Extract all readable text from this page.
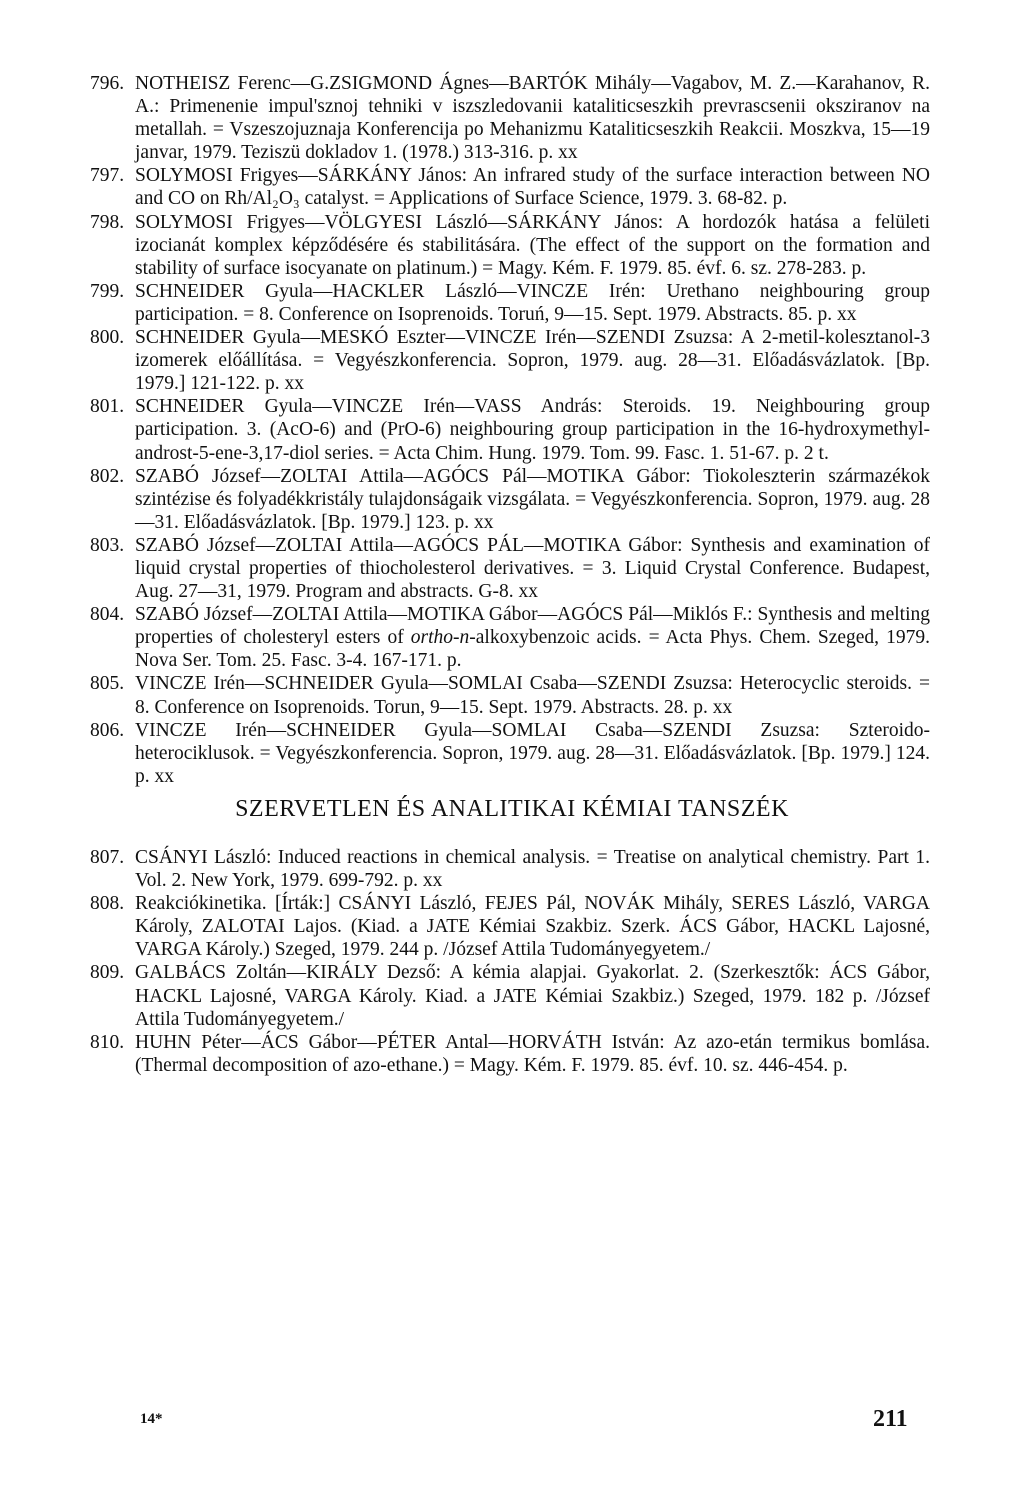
796. NOTHEISZ Ferenc—G.ZSIGMOND Ágnes—BARTÓK Mihály—Vagabov, M. Z.—Karahanov, R. A.: Primenenie impul'sznoj tehniki v iszszledovanii kataliticseszkih prevrascsenii oksziranov na metallah. = Vszeszojuznaja Konferencija po Mehanizmu Kataliticseszkih Reakcii. Moszkva, 15—19 janvar, 1979. Teziszü dokladov 1. (1978.) 313-316. p. xx
797. SOLYMOSI Frigyes—SÁRKÁNY János: An infrared study of the surface interaction between NO and CO on Rh/Al₂O₃ catalyst. = Applications of Surface Science, 1979. 3. 68-82. p.
798. SOLYMOSI Frigyes—VÖLGYESI László—SÁRKÁNY János: A hordozók hatása a felületi izocianát komplex képződésére és stabilitására. (The effect of the support on the formation and stability of surface isocyanate on platinum.) = Magy. Kém. F. 1979. 85. évf. 6. sz. 278-283. p.
799. SCHNEIDER Gyula—HACKLER László—VINCZE Irén: Urethano neighbouring group participation. = 8. Conference on Isoprenoids. Toruń, 9—15. Sept. 1979. Abstracts. 85. p. xx
800. SCHNEIDER Gyula—MESKÓ Eszter—VINCZE Irén—SZENDI Zsuzsa: A 2-metil-kolesztanol-3 izomerek előállítása. = Vegyészkonferencia. Sopron, 1979. aug. 28—31. Előadásvázlatok. [Bp. 1979.] 121-122. p. xx
801. SCHNEIDER Gyula—VINCZE Irén—VASS András: Steroids. 19. Neighbouring group participation. 3. (AcO-6) and (PrO-6) neighbouring group participation in the 16-hydroxymethyl- androst-5-ene-3,17-diol series. = Acta Chim. Hung. 1979. Tom. 99. Fasc. 1. 51-67. p. 2 t.
802. SZABÓ József—ZOLTAI Attila—AGÓCS Pál—MOTIKA Gábor: Tiokoleszterin származékok szintézise és folyadékkristály tulajdonságaik vizsgálata. = Vegyészkonferencia. Sopron, 1979. aug. 28—31. Előadásvázlatok. [Bp. 1979.] 123. p. xx
803. SZABÓ József—ZOLTAI Attila—AGÓCS PÁL—MOTIKA Gábor: Synthesis and examination of liquid crystal properties of thiocholesterol derivatives. = 3. Liquid Crystal Conference. Budapest, Aug. 27—31, 1979. Program and abstracts. G-8. xx
804. SZABÓ József—ZOLTAI Attila—MOTIKA Gábor—AGÓCS Pál—Miklós F.: Synthesis and melting properties of cholesteryl esters of ortho-n-alkoxybenzoic acids. = Acta Phys. Chem. Szeged, 1979. Nova Ser. Tom. 25. Fasc. 3-4. 167-171. p.
805. VINCZE Irén—SCHNEIDER Gyula—SOMLAI Csaba—SZENDI Zsuzsa: Heterocyclic steroids. = 8. Conference on Isoprenoids. Torun, 9—15. Sept. 1979. Abstracts. 28. p. xx
806. VINCZE Irén—SCHNEIDER Gyula—SOMLAI Csaba—SZENDI Zsuzsa: Szteroido-heterociklusok. = Vegyészkonferencia. Sopron, 1979. aug. 28—31. Előadásvázlatok. [Bp. 1979.] 124. p. xx
SZERVETLEN ÉS ANALITIKAI KÉMIAI TANSZÉK
807. CSÁNYI László: Induced reactions in chemical analysis. = Treatise on analytical chemistry. Part 1. Vol. 2. New York, 1979. 699-792. p. xx
808. Reakciókinetika. [Írták:] CSÁNYI László, FEJES Pál, NOVÁK Mihály, SERES László, VARGA Károly, ZALOTAI Lajos. (Kiad. a JATE Kémiai Szakbiz. Szerk. ÁCS Gábor, HACKL Lajosné, VARGA Károly.) Szeged, 1979. 244 p. /József Attila Tudományegyetem./
809. GALBÁCS Zoltán—KIRÁLY Dezső: A kémia alapjai. Gyakorlat. 2. (Szerkesztők: ÁCS Gábor, HACKL Lajosné, VARGA Károly. Kiad. a JATE Kémiai Szakbiz.) Szeged, 1979. 182 p. /József Attila Tudományegyetem./
810. HUHN Péter—ÁCS Gábor—PÉTER Antal—HORVÁTH István: Az azo-etán termikus bomlása. (Thermal decomposition of azo-ethane.) = Magy. Kém. F. 1979. 85. évf. 10. sz. 446-454. p.
14*	211
